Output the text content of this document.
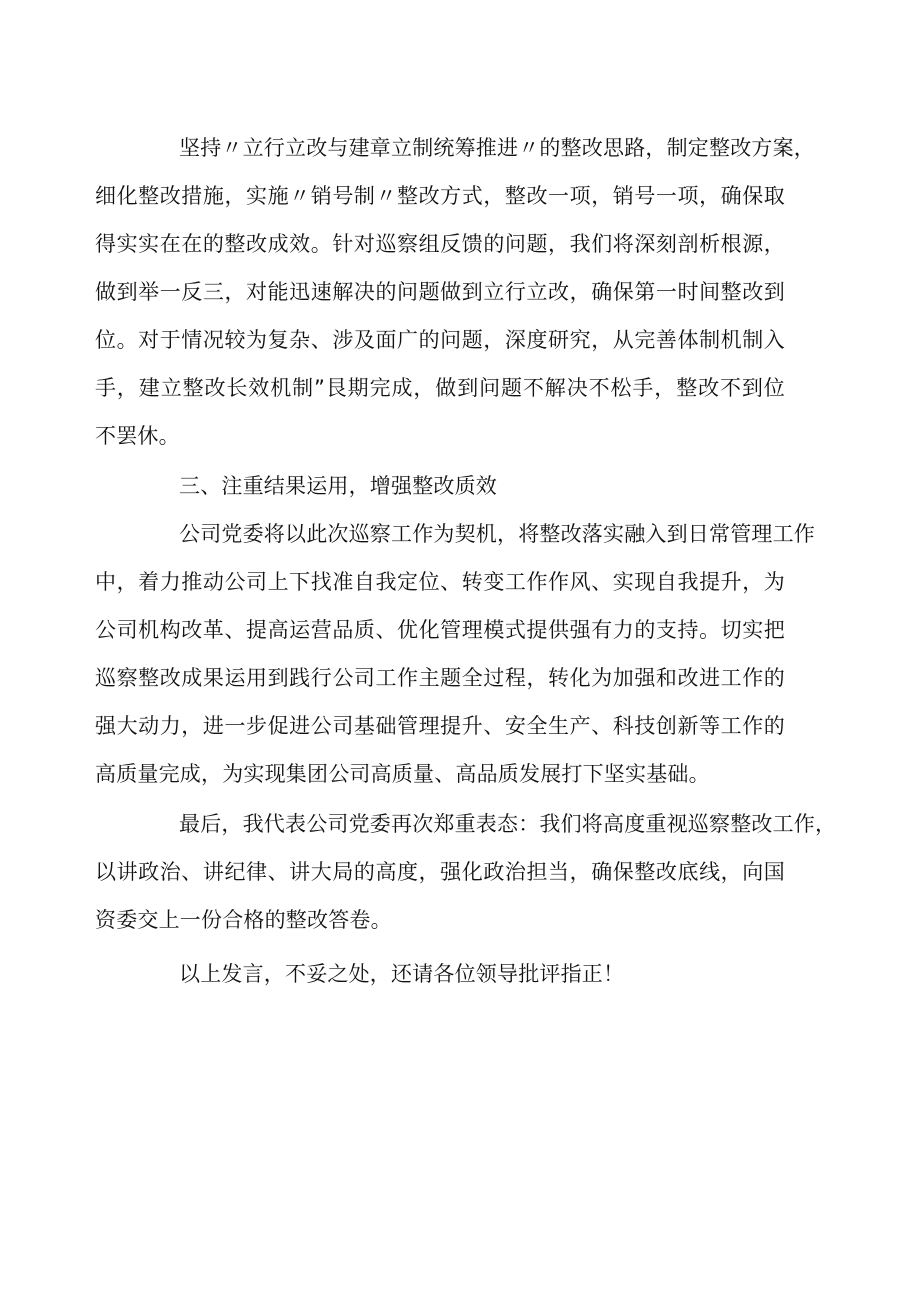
坚持〃立行立改与建章立制统筹推进〃的整改思路，制定整改方案，
细化整改措施，实施〃销号制〃整改方式，整改一项，销号一项，确保取
得实实在在的整改成效。针对巡察组反馈的问题，我们将深刻剖析根源，
做到举一反三，对能迅速解决的问题做到立行立改，确保第一时间整改到
位。对于情况较为复杂、涉及面广的问题，深度研究，从完善体制机制入
手，建立整改长效机制”艮期完成，做到问题不解决不松手，整改不到位
不罢休。

三、注重结果运用，增强整改质效

公司党委将以此次巡察工作为契机，将整改落实融入到日常管理工作
中，着力推动公司上下找准自我定位、转变工作作风、实现自我提升，为
公司机构改革、提高运营品质、优化管理模式提供强有力的支持。切实把
巡察整改成果运用到践行公司工作主题全过程，转化为加强和改进工作的
强大动力，进一步促进公司基础管理提升、安全生产、科技创新等工作的
高质量完成，为实现集团公司高质量、高品质发展打下坚实基础。

最后，我代表公司党委再次郑重表态：我们将高度重视巡察整改工作，
以讲政治、讲纪律、讲大局的高度，强化政治担当，确保整改底线，向国
资委交上一份合格的整改答卷。

以上发言，不妥之处，还请各位领导批评指正！
